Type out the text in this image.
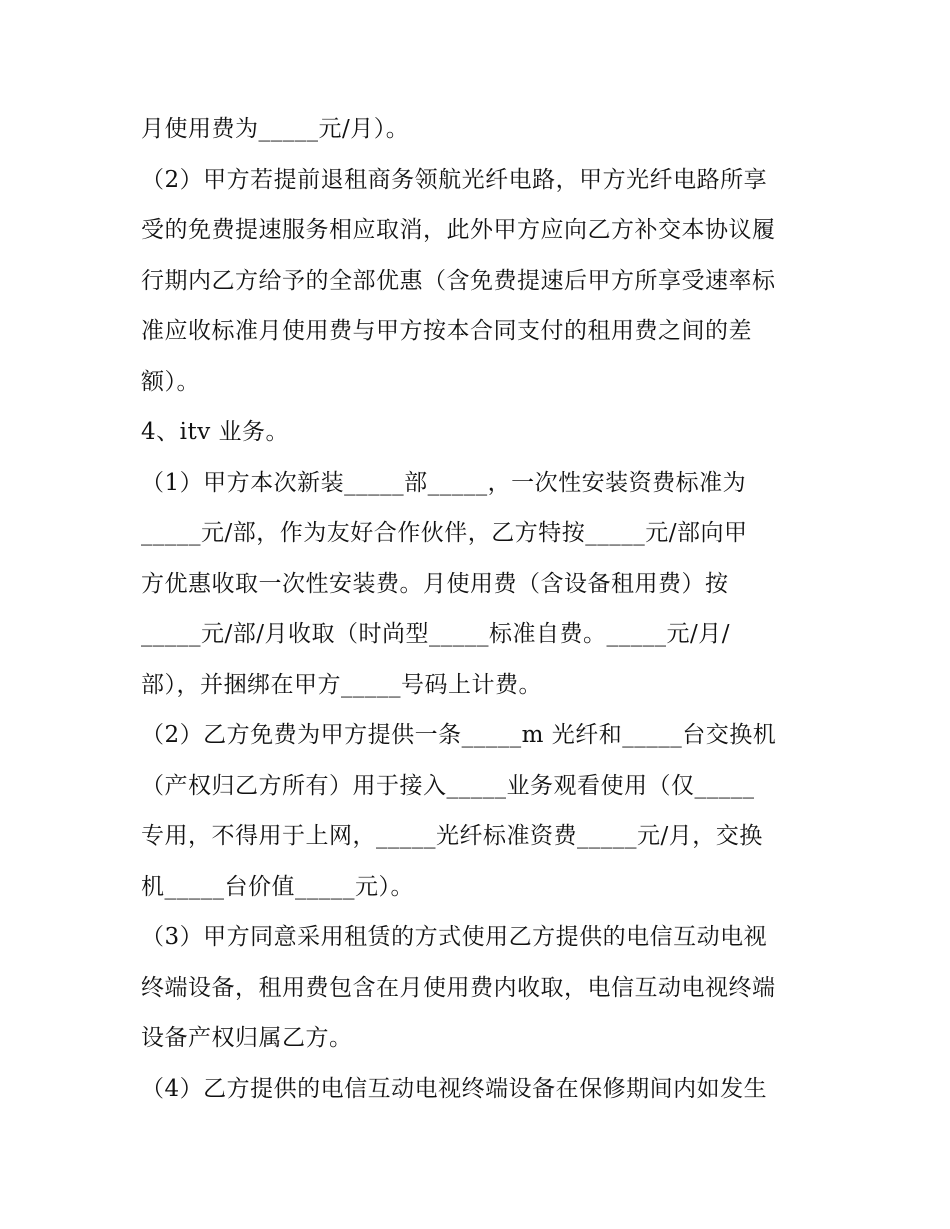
月使用费为_____元/月）。
（2）甲方若提前退租商务领航光纤电路，甲方光纤电路所享
受的免费提速服务相应取消，此外甲方应向乙方补交本协议履
行期内乙方给予的全部优惠（含免费提速后甲方所享受速率标
准应收标准月使用费与甲方按本合同支付的租用费之间的差
额）。
4、itv 业务。
（1）甲方本次新装_____部_____，一次性安装资费标准为
_____元/部，作为友好合作伙伴，乙方特按_____元/部向甲
方优惠收取一次性安装费。月使用费（含设备租用费）按
_____元/部/月收取（时尚型_____标准自费。_____元/月/
部），并捆绑在甲方_____号码上计费。
（2）乙方免费为甲方提供一条_____m 光纤和_____台交换机
（产权归乙方所有）用于接入_____业务观看使用（仅_____
专用，不得用于上网，_____光纤标准资费_____元/月，交换
机_____台价值_____元）。
（3）甲方同意采用租赁的方式使用乙方提供的电信互动电视
终端设备，租用费包含在月使用费内收取，电信互动电视终端
设备产权归属乙方。
（4）乙方提供的电信互动电视终端设备在保修期间内如发生
